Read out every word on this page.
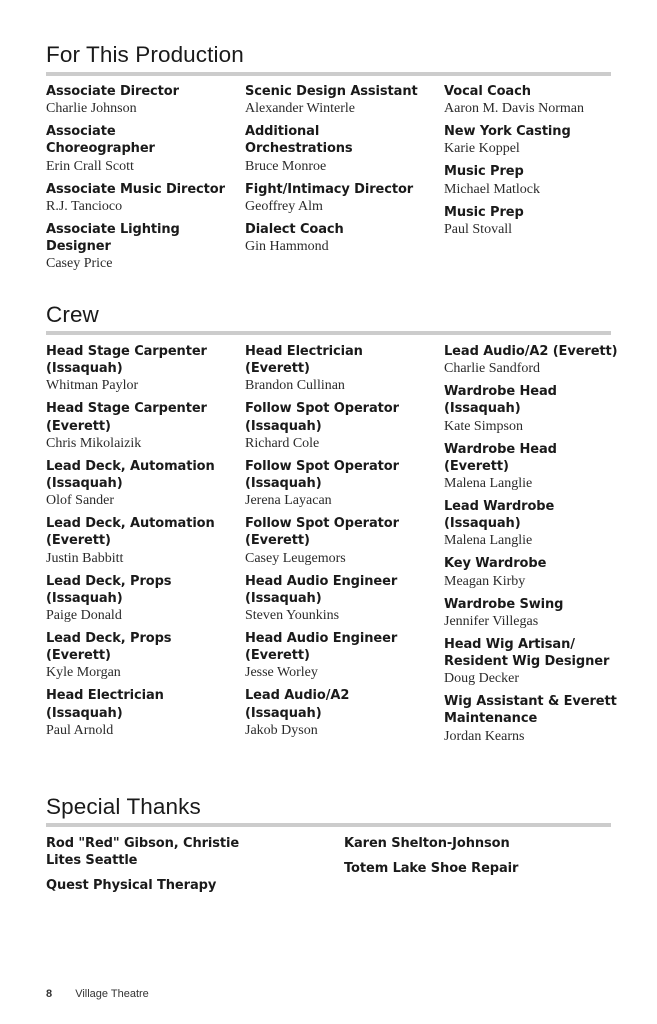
For This Production
Associate Director
Charlie Johnson
Associate Choreographer
Erin Crall Scott
Associate Music Director
R.J. Tancioco
Associate Lighting Designer
Casey Price
Scenic Design Assistant
Alexander Winterle
Additional Orchestrations
Bruce Monroe
Fight/Intimacy Director
Geoffrey Alm
Dialect Coach
Gin Hammond
Vocal Coach
Aaron M. Davis Norman
New York Casting
Karie Koppel
Music Prep
Michael Matlock
Music Prep
Paul Stovall
Crew
Head Stage Carpenter (Issaquah)
Whitman Paylor
Head Stage Carpenter (Everett)
Chris Mikolaizik
Lead Deck, Automation (Issaquah)
Olof Sander
Lead Deck, Automation (Everett)
Justin Babbitt
Lead Deck, Props (Issaquah)
Paige Donald
Lead Deck, Props (Everett)
Kyle Morgan
Head Electrician (Issaquah)
Paul Arnold
Head Electrician (Everett)
Brandon Cullinan
Follow Spot Operator (Issaquah)
Richard Cole
Follow Spot Operator (Issaquah)
Jerena Layacan
Follow Spot Operator (Everett)
Casey Leugemors
Head Audio Engineer (Issaquah)
Steven Younkins
Head Audio Engineer (Everett)
Jesse Worley
Lead Audio/A2 (Issaquah)
Jakob Dyson
Lead Audio/A2 (Everett)
Charlie Sandford
Wardrobe Head (Issaquah)
Kate Simpson
Wardrobe Head (Everett)
Malena Langlie
Lead Wardrobe (Issaquah)
Malena Langlie
Key Wardrobe
Meagan Kirby
Wardrobe Swing
Jennifer Villegas
Head Wig Artisan/ Resident Wig Designer
Doug Decker
Wig Assistant & Everett Maintenance
Jordan Kearns
Special Thanks
Rod "Red" Gibson, Christie Lites Seattle
Quest Physical Therapy
Karen Shelton-Johnson
Totem Lake Shoe Repair
8 Village Theatre
